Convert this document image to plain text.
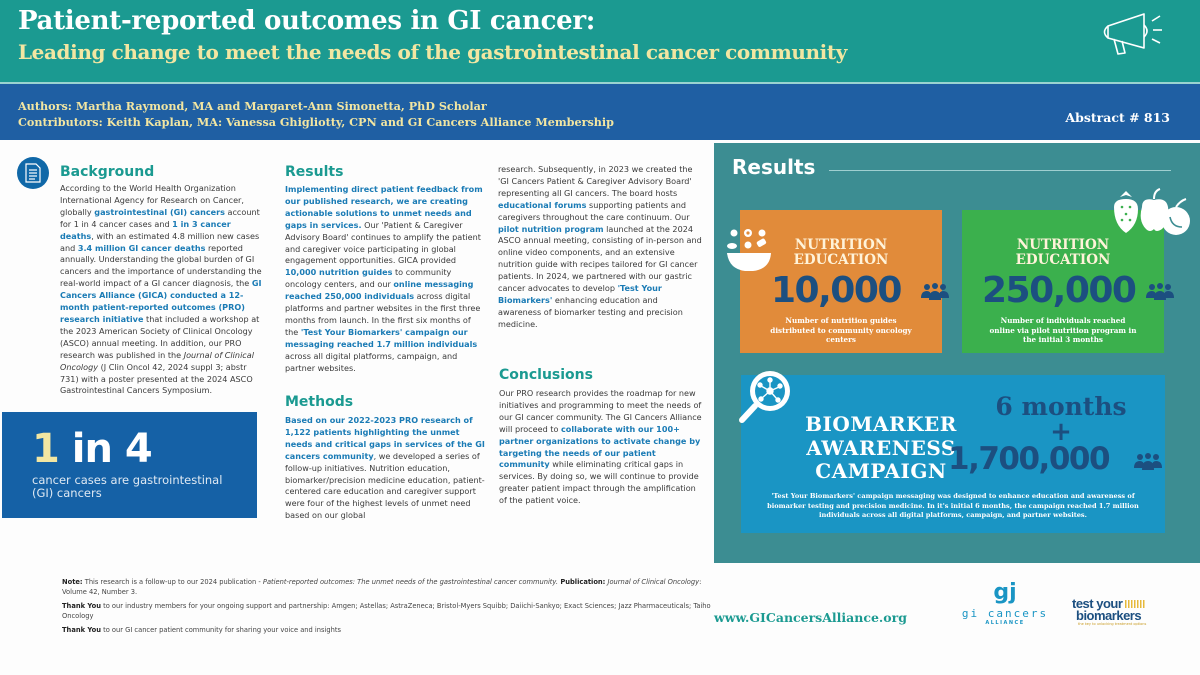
Patient-reported outcomes in GI cancer:
Leading change to meet the needs of the gastrointestinal cancer community
Authors: Martha Raymond, MA and Margaret-Ann Simonetta, PhD Scholar
Contributors: Keith Kaplan, MA: Vanessa Ghigliotty, CPN and GI Cancers Alliance Membership	Abstract # 813
Background
According to the World Health Organization International Agency for Research on Cancer, globally gastrointestinal (GI) cancers account for 1 in 4 cancer cases and 1 in 3 cancer deaths, with an estimated 4.8 million new cases and 3.4 million GI cancer deaths reported annually. Understanding the global burden of GI cancers and the importance of understanding the real-world impact of a GI cancer diagnosis, the GI Cancers Alliance (GICA) conducted a 12-month patient-reported outcomes (PRO) research initiative that included a workshop at the 2023 American Society of Clinical Oncology (ASCO) annual meeting. In addition, our PRO research was published in the Journal of Clinical Oncology (J Clin Oncol 42, 2024 suppl 3; abstr 731) with a poster presented at the 2024 ASCO Gastrointestinal Cancers Symposium.
1 in 4
cancer cases are gastrointestinal (GI) cancers
Results
Implementing direct patient feedback from our published research, we are creating actionable solutions to unmet needs and gaps in services. Our 'Patient & Caregiver Advisory Board' continues to amplify the patient and caregiver voice participating in global engagement opportunities. GICA provided 10,000 nutrition guides to community oncology centers, and our online messaging reached 250,000 individuals across digital platforms and partner websites in the first three months from launch. In the first six months of the 'Test Your Biomarkers' campaign our messaging reached 1.7 million individuals across all digital platforms, campaign, and partner websites.
Methods
Based on our 2022-2023 PRO research of 1,122 patients highlighting the unmet needs and critical gaps in services of the GI cancers community, we developed a series of follow-up initiatives. Nutrition education, biomarker/precision medicine education, patient-centered care education and caregiver support were four of the highest levels of unmet need based on our global
research. Subsequently, in 2023 we created the 'GI Cancers Patient & Caregiver Advisory Board' representing all GI cancers. The board hosts educational forums supporting patients and caregivers throughout the care continuum. Our pilot nutrition program launched at the 2024 ASCO annual meeting, consisting of in-person and online video components, and an extensive nutrition guide with recipes tailored for GI cancer patients. In 2024, we partnered with our gastric cancer advocates to develop 'Test Your Biomarkers' enhancing education and awareness of biomarker testing and precision medicine.
Conclusions
Our PRO research provides the roadmap for new initiatives and programming to meet the needs of our GI cancer community. The GI Cancers Alliance will proceed to collaborate with our 100+ partner organizations to activate change by targeting the needs of our patient community while eliminating critical gaps in services. By doing so, we will continue to provide greater patient impact through the amplification of the patient voice.
Results
NUTRITION
EDUCATION
10,000
Number of nutrition guides distributed to community oncology centers
NUTRITION
EDUCATION
250,000
Number of individuals reached online via pilot nutrition program in the initial 3 months
BIOMARKER
AWARENESS
CAMPAIGN
6 months
+
1,700,000
'Test Your Biomarkers' campaign messaging was designed to enhance education and awareness of biomarker testing and precision medicine. In it's initial 6 months, the campaign reached 1.7 million individuals across all digital platforms, campaign, and partner websites.

Note: This research is a follow-up to our 2024 publication - Patient-reported outcomes: The unmet needs of the gastrointestinal cancer community. Publication: Journal of Clinical Oncology: Volume 42, Number 3.

Thank You to our industry members for your ongoing support and partnership: Amgen; Astellas; AstraZeneca; Bristol-Myers Squibb; Daiichi-Sankyo; Exact Sciences; Jazz Pharmaceuticals; Taiho Oncology

Thank You to our GI cancer patient community for sharing your voice and insights

www.GICancersAlliance.org
gj
gi cancers
ALLIANCE
test your
biomarkers
the key to unlocking treatment options
